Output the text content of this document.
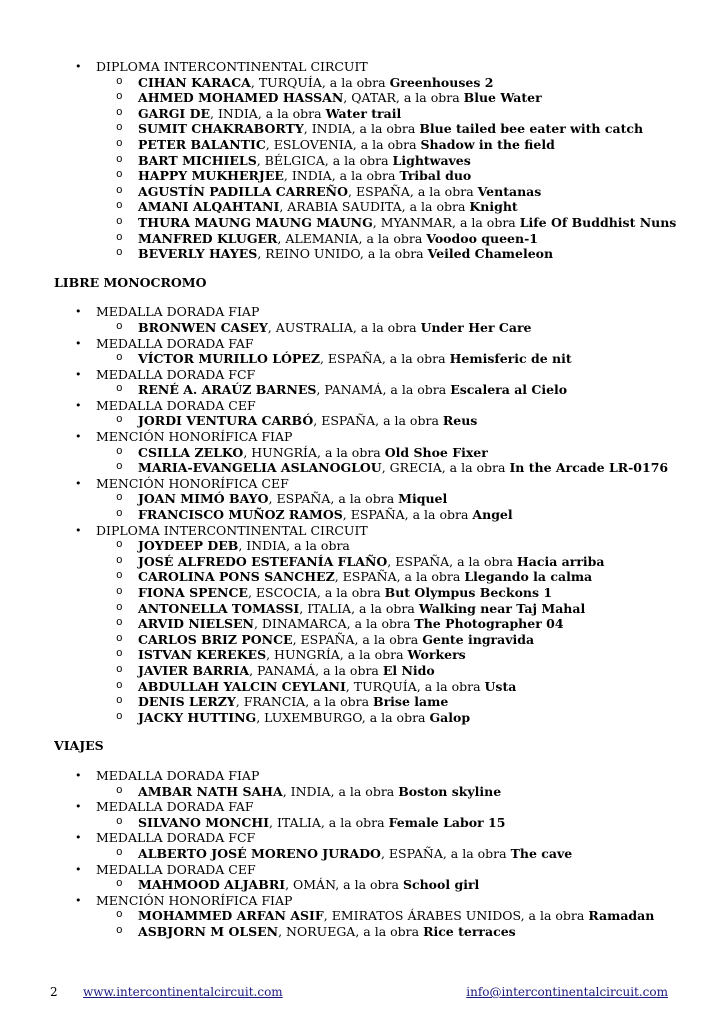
• DIPLOMA INTERCONTINENTAL CIRCUIT
o CIHAN KARACA, TURQUÍA, a la obra Greenhouses 2
o AHMED MOHAMED HASSAN, QATAR, a la obra Blue Water
o GARGI DE, INDIA, a la obra Water trail
o SUMIT CHAKRABORTY, INDIA, a la obra Blue tailed bee eater with catch
o PETER BALANTIC, ESLOVENIA, a la obra Shadow in the field
o BART MICHIELS, BÉLGICA, a la obra Lightwaves
o HAPPY MUKHERJEE, INDIA, a la obra Tribal duo
o AGUSTÍN PADILLA CARREÑO, ESPAÑA, a la obra Ventanas
o AMANI ALQAHTANI, ARABIA SAUDITA, a la obra Knight
o THURA MAUNG MAUNG MAUNG, MYANMAR, a la obra Life Of Buddhist Nuns
o MANFRED KLUGER, ALEMANIA, a la obra Voodoo queen-1
o BEVERLY HAYES, REINO UNIDO, a la obra Veiled Chameleon
LIBRE MONOCROMO
• MEDALLA DORADA FIAP
o BRONWEN CASEY, AUSTRALIA, a la obra Under Her Care
• MEDALLA DORADA FAF
o VÍCTOR MURILLO LÓPEZ, ESPAÑA, a la obra Hemisferic de nit
• MEDALLA DORADA FCF
o RENÉ A. ARAÚZ BARNES, PANAMÁ, a la obra Escalera al Cielo
• MEDALLA DORADA CEF
o JORDI VENTURA CARBÓ, ESPAÑA, a la obra Reus
• MENCIÓN HONORÍFICA FIAP
o CSILLA ZELKO, HUNGRÍA, a la obra Old Shoe Fixer
o MARIA-EVANGELIA ASLANOGLOU, GRECIA, a la obra In the Arcade LR-0176
• MENCIÓN HONORÍFICA CEF
o JOAN MIMÓ BAYO, ESPAÑA, a la obra Miquel
o FRANCISCO MUÑOZ RAMOS, ESPAÑA, a la obra Angel
• DIPLOMA INTERCONTINENTAL CIRCUIT
o JOYDEEP DEB, INDIA, a la obra
o JOSÉ ALFREDO ESTEFANÍA FLAÑO, ESPAÑA, a la obra Hacia arriba
o CAROLINA PONS SANCHEZ, ESPAÑA, a la obra Llegando la calma
o FIONA SPENCE, ESCOCIA, a la obra But Olympus Beckons 1
o ANTONELLA TOMASSI, ITALIA, a la obra Walking near Taj Mahal
o ARVID NIELSEN, DINAMARCA, a la obra The Photographer 04
o CARLOS BRIZ PONCE, ESPAÑA, a la obra Gente ingravida
o ISTVAN KEREKES, HUNGRÍA, a la obra Workers
o JAVIER BARRIA, PANAMÁ, a la obra El Nido
o ABDULLAH YALCIN CEYLANI, TURQUÍA, a la obra Usta
o DENIS LERZY, FRANCIA, a la obra Brise lame
o JACKY HUTTING, LUXEMBURGO, a la obra Galop
VIAJES
• MEDALLA DORADA FIAP
o AMBAR NATH SAHA, INDIA, a la obra Boston skyline
• MEDALLA DORADA FAF
o SILVANO MONCHI, ITALIA, a la obra Female Labor 15
• MEDALLA DORADA FCF
o ALBERTO JOSÉ MORENO JURADO, ESPAÑA, a la obra The cave
• MEDALLA DORADA CEF
o MAHMOOD ALJABRI, OMÁN, a la obra School girl
• MENCIÓN HONORÍFICA FIAP
o MOHAMMED ARFAN ASIF, EMIRATOS ÁRABES UNIDOS, a la obra Ramadan
o ASBJORN M OLSEN, NORUEGA, a la obra Rice terraces
2 www.intercontinentalcircuit.com	info@intercontinentalcircuit.com
